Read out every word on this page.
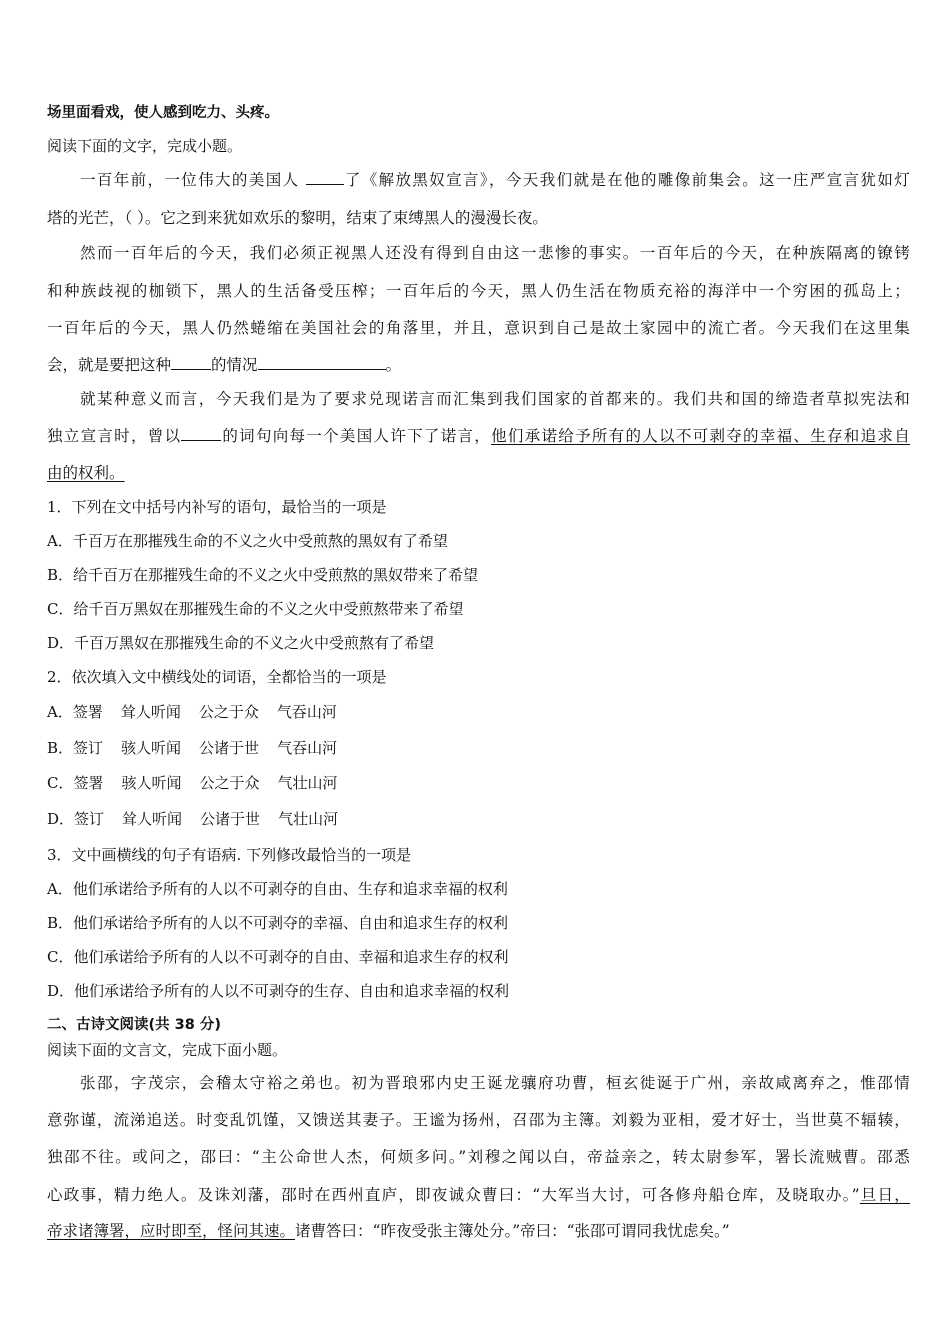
场里面看戏，使人感到吃力、头疼。
阅读下面的文字，完成小题。
一百年前，一位伟大的美国人 了《解放黑奴宣言》，今天我们就是在他的雕像前集会。这一庄严宣言犹如灯
塔的光芒，（ ）。它之到来犹如欢乐的黎明，结束了束缚黑人的漫漫长夜。
然而一百年后的今天，我们必须正视黑人还没有得到自由这一悲惨的事实。一百年后的今天，在种族隔离的镣铐
和种族歧视的枷锁下，黑人的生活备受压榨；一百年后的今天，黑人仍生活在物质充裕的海洋中一个穷困的孤岛上；
一百年后的今天，黑人仍然蜷缩在美国社会的角落里，并且，意识到自己是故土家园中的流亡者。今天我们在这里集
会，就是要把这种	的情况	。
就某种意义而言，今天我们是为了要求兑现诺言而汇集到我们国家的首都来的。我们共和国的缔造者草拟宪法和
独立宣言时，曾以	的词句向每一个美国人许下了诺言，他们承诺给予所有的人以不可剥夺的幸福、生存和追求自
由的权利。
1．下列在文中括号内补写的语句，最恰当的一项是
A．千百万在那摧残生命的不义之火中受煎熬的黑奴有了希望
B．给千百万在那摧残生命的不义之火中受煎熬的黑奴带来了希望
C．给千百万黑奴在那摧残生命的不义之火中受煎熬带来了希望
D．千百万黑奴在那摧残生命的不义之火中受煎熬有了希望
2．依次填入文中横线处的词语，全都恰当的一项是
A．签署 耸人听闻 公之于众 气吞山河
B．签订 骇人听闻 公诸于世 气吞山河
C．签署 骇人听闻 公之于众 气壮山河
D．签订 耸人听闻 公诸于世 气壮山河
3．文中画横线的句子有语病. 下列修改最恰当的一项是
A．他们承诺给予所有的人以不可剥夺的自由、生存和追求幸福的权利
B．他们承诺给予所有的人以不可剥夺的幸福、自由和追求生存的权利
C．他们承诺给予所有的人以不可剥夺的自由、幸福和追求生存的权利
D．他们承诺给予所有的人以不可剥夺的生存、自由和追求幸福的权利
二、古诗文阅读(共 38 分)
阅读下面的文言文，完成下面小题。
张邵，字茂宗，会稽太守裕之弟也。初为晋琅邪内史王诞龙骧府功曹，桓玄徙诞于广州，亲故咸离弃之，惟邵情
意弥谨，流涕追送。时变乱饥馑，又馈送其妻子。王谧为扬州，召邵为主簿。刘毅为亚相，爱才好士，当世莫不辐辏，
独邵不往。或问之，邵曰：“主公命世人杰，何烦多问。”刘穆之闻以白，帝益亲之，转太尉参军，署长流贼曹。邵悉
心政事，精力绝人。及诛刘藩，邵时在西州直庐，即夜诚众曹曰：“大军当大讨，可各修舟船仓库，及晓取办。”旦日，
帝求诸簿署，应时即至，怪问其速。诸曹答曰：“昨夜受张主簿处分。”帝曰：“张邵可谓同我忧虑矣。”
